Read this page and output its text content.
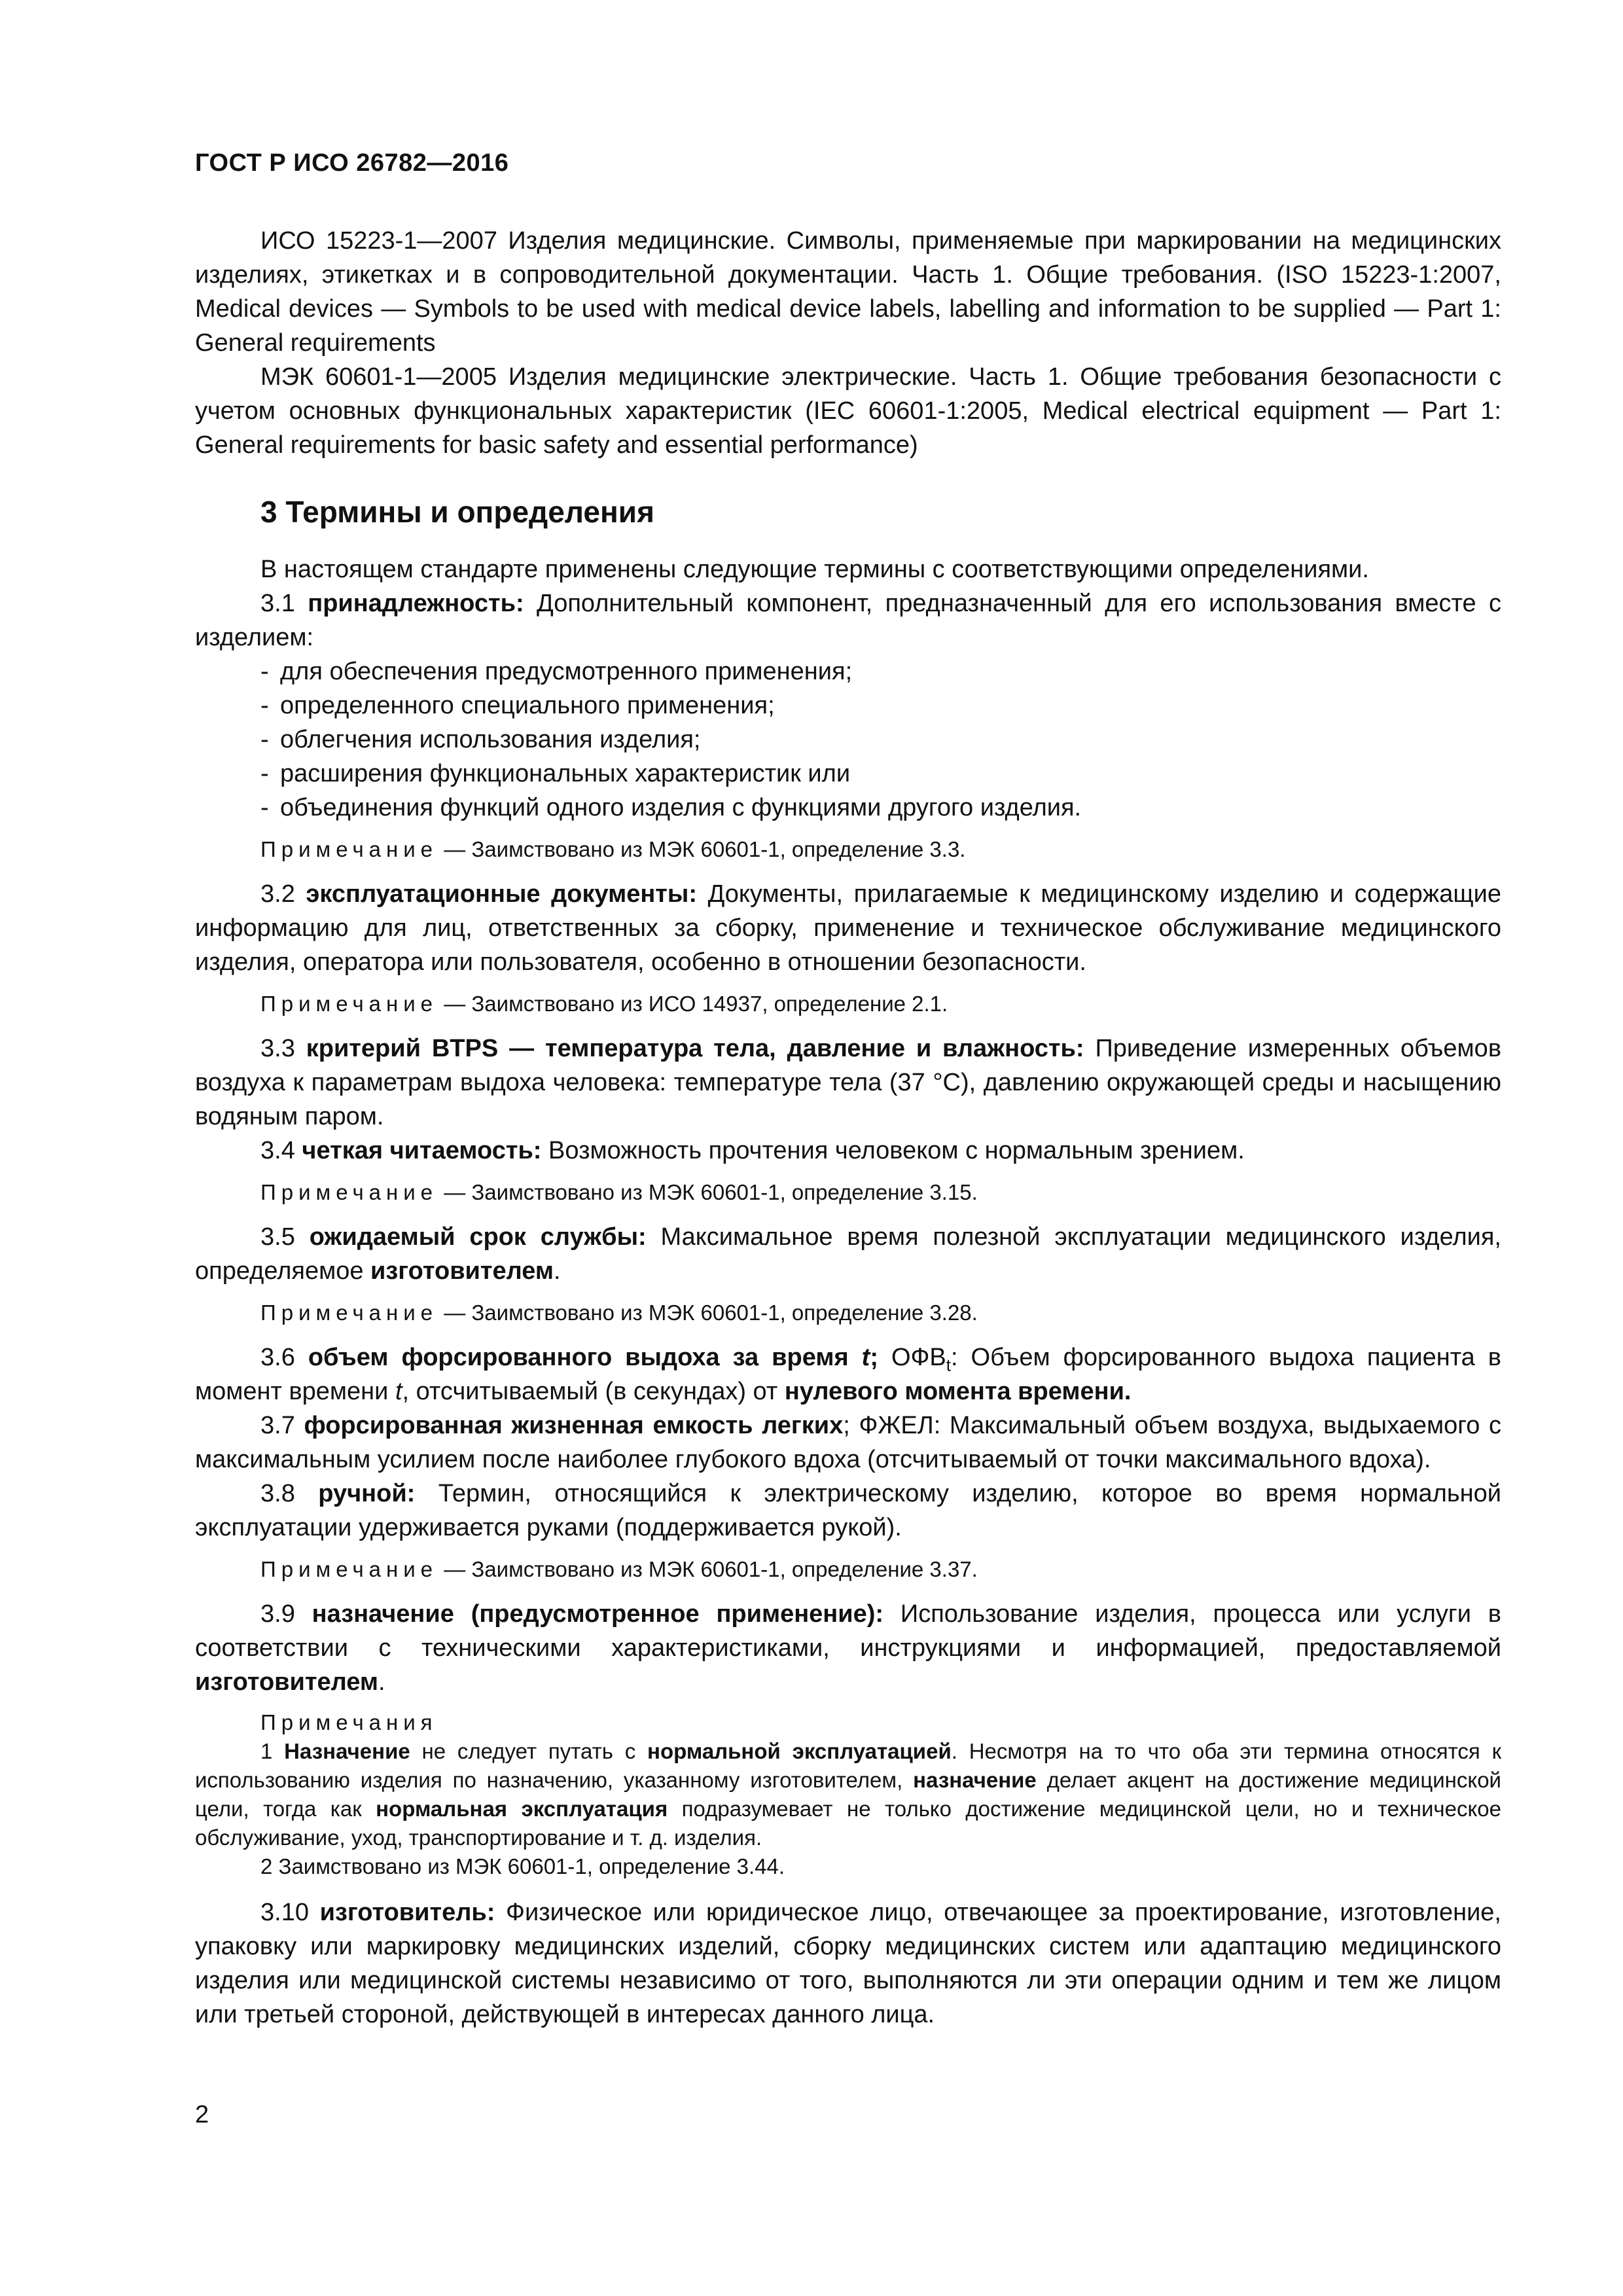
ГОСТ Р ИСО 26782—2016

ИСО 15223-1—2007 Изделия медицинские. Символы, применяемые при маркировании на медицинских изделиях, этикетках и в сопроводительной документации. Часть 1. Общие требования. (ISO 15223-1:2007, Medical devices — Symbols to be used with medical device labels, labelling and information to be supplied — Part 1: General requirements

МЭК 60601-1—2005 Изделия медицинские электрические. Часть 1. Общие требования безопасности с учетом основных функциональных характеристик (IEC 60601-1:2005, Medical electrical equipment — Part 1: General requirements for basic safety and essential performance)

3 Термины и определения

В настоящем стандарте применены следующие термины с соответствующими определениями.

3.1 принадлежность: Дополнительный компонент, предназначенный для его использования вместе с изделием:

- для обеспечения предусмотренного применения;
- определенного специального применения;
- облегчения использования изделия;
- расширения функциональных характеристик или
- объединения функций одного изделия с функциями другого изделия.
Примечание — Заимствовано из МЭК 60601-1, определение 3.3.

3.2 эксплуатационные документы: Документы, прилагаемые к медицинскому изделию и содержащие информацию для лиц, ответственных за сборку, применение и техническое обслуживание медицинского изделия, оператора или пользователя, особенно в отношении безопасности.

Примечание — Заимствовано из ИСО 14937, определение 2.1.

3.3 критерий BTPS — температура тела, давление и влажность: Приведение измеренных объемов воздуха к параметрам выдоха человека: температуре тела (37 °C), давлению окружающей среды и насыщению водяным паром.

3.4 четкая читаемость: Возможность прочтения человеком с нормальным зрением.

Примечание — Заимствовано из МЭК 60601-1, определение 3.15.

3.5 ожидаемый срок службы: Максимальное время полезной эксплуатации медицинского изделия, определяемое изготовителем.

Примечание — Заимствовано из МЭК 60601-1, определение 3.28.

3.6 объем форсированного выдоха за время t; $ОФВ_t$: Объем форсированного выдоха пациента в момент времени t, отсчитываемый (в секундах) от нулевого момента времени.

3.7 форсированная жизненная емкость легких; ФЖЕЛ: Максимальный объем воздуха, выдыхаемого с максимальным усилием после наиболее глубокого вдоха (отсчитываемый от точки максимального вдоха).

3.8 ручной: Термин, относящийся к электрическому изделию, которое во время нормальной эксплуатации удерживается руками (поддерживается рукой).

Примечание — Заимствовано из МЭК 60601-1, определение 3.37.

3.9 назначение (предусмотренное применение): Использование изделия, процесса или услуги в соответствии с техническими характеристиками, инструкциями и информацией, предоставляемой изготовителем.

Примечания
1 Назначение не следует путать с нормальной эксплуатацией. Несмотря на то что оба эти термина относятся к использованию изделия по назначению, указанному изготовителем, назначение делает акцент на достижение медицинской цели, тогда как нормальная эксплуатация подразумевает не только достижение медицинской цели, но и техническое обслуживание, уход, транспортирование и т. д. изделия.
2 Заимствовано из МЭК 60601-1, определение 3.44.

3.10 изготовитель: Физическое или юридическое лицо, отвечающее за проектирование, изготовление, упаковку или маркировку медицинских изделий, сборку медицинских систем или адаптацию медицинского изделия или медицинской системы независимо от того, выполняются ли эти операции одним и тем же лицом или третьей стороной, действующей в интересах данного лица.

2
